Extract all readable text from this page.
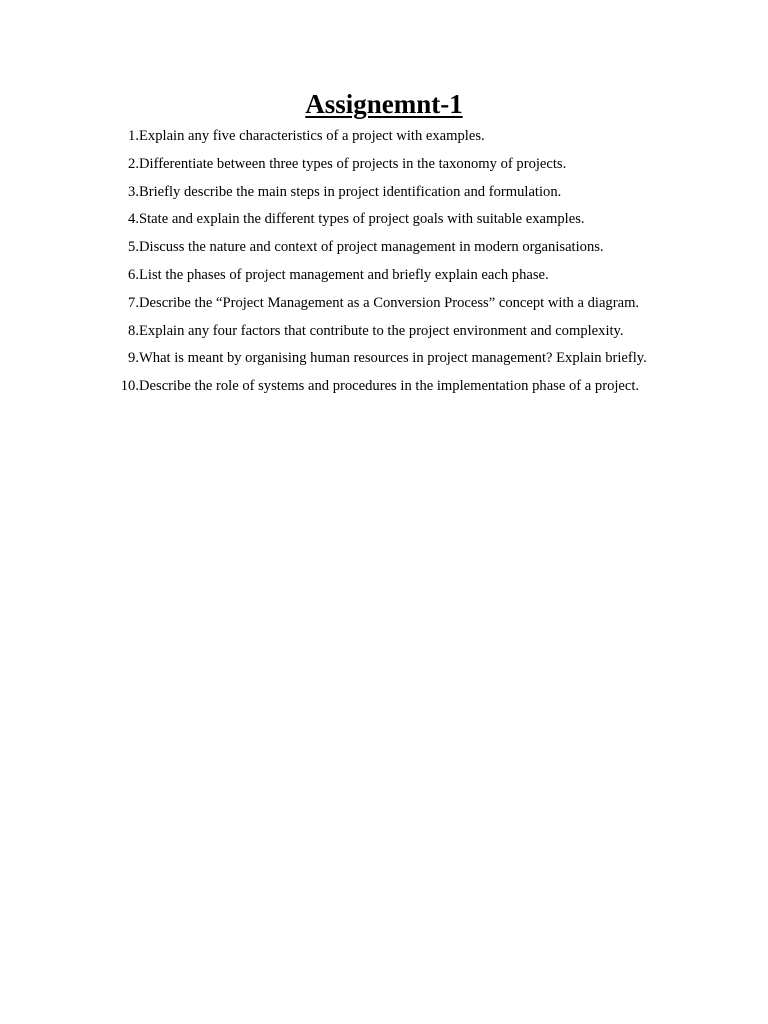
Assignemnt-1
1. Explain any five characteristics of a project with examples.
2. Differentiate between three types of projects in the taxonomy of projects.
3. Briefly describe the main steps in project identification and formulation.
4. State and explain the different types of project goals with suitable examples.
5. Discuss the nature and context of project management in modern organisations.
6. List the phases of project management and briefly explain each phase.
7. Describe the “Project Management as a Conversion Process” concept with a diagram.
8. Explain any four factors that contribute to the project environment and complexity.
9. What is meant by organising human resources in project management? Explain briefly.
10. Describe the role of systems and procedures in the implementation phase of a project.
